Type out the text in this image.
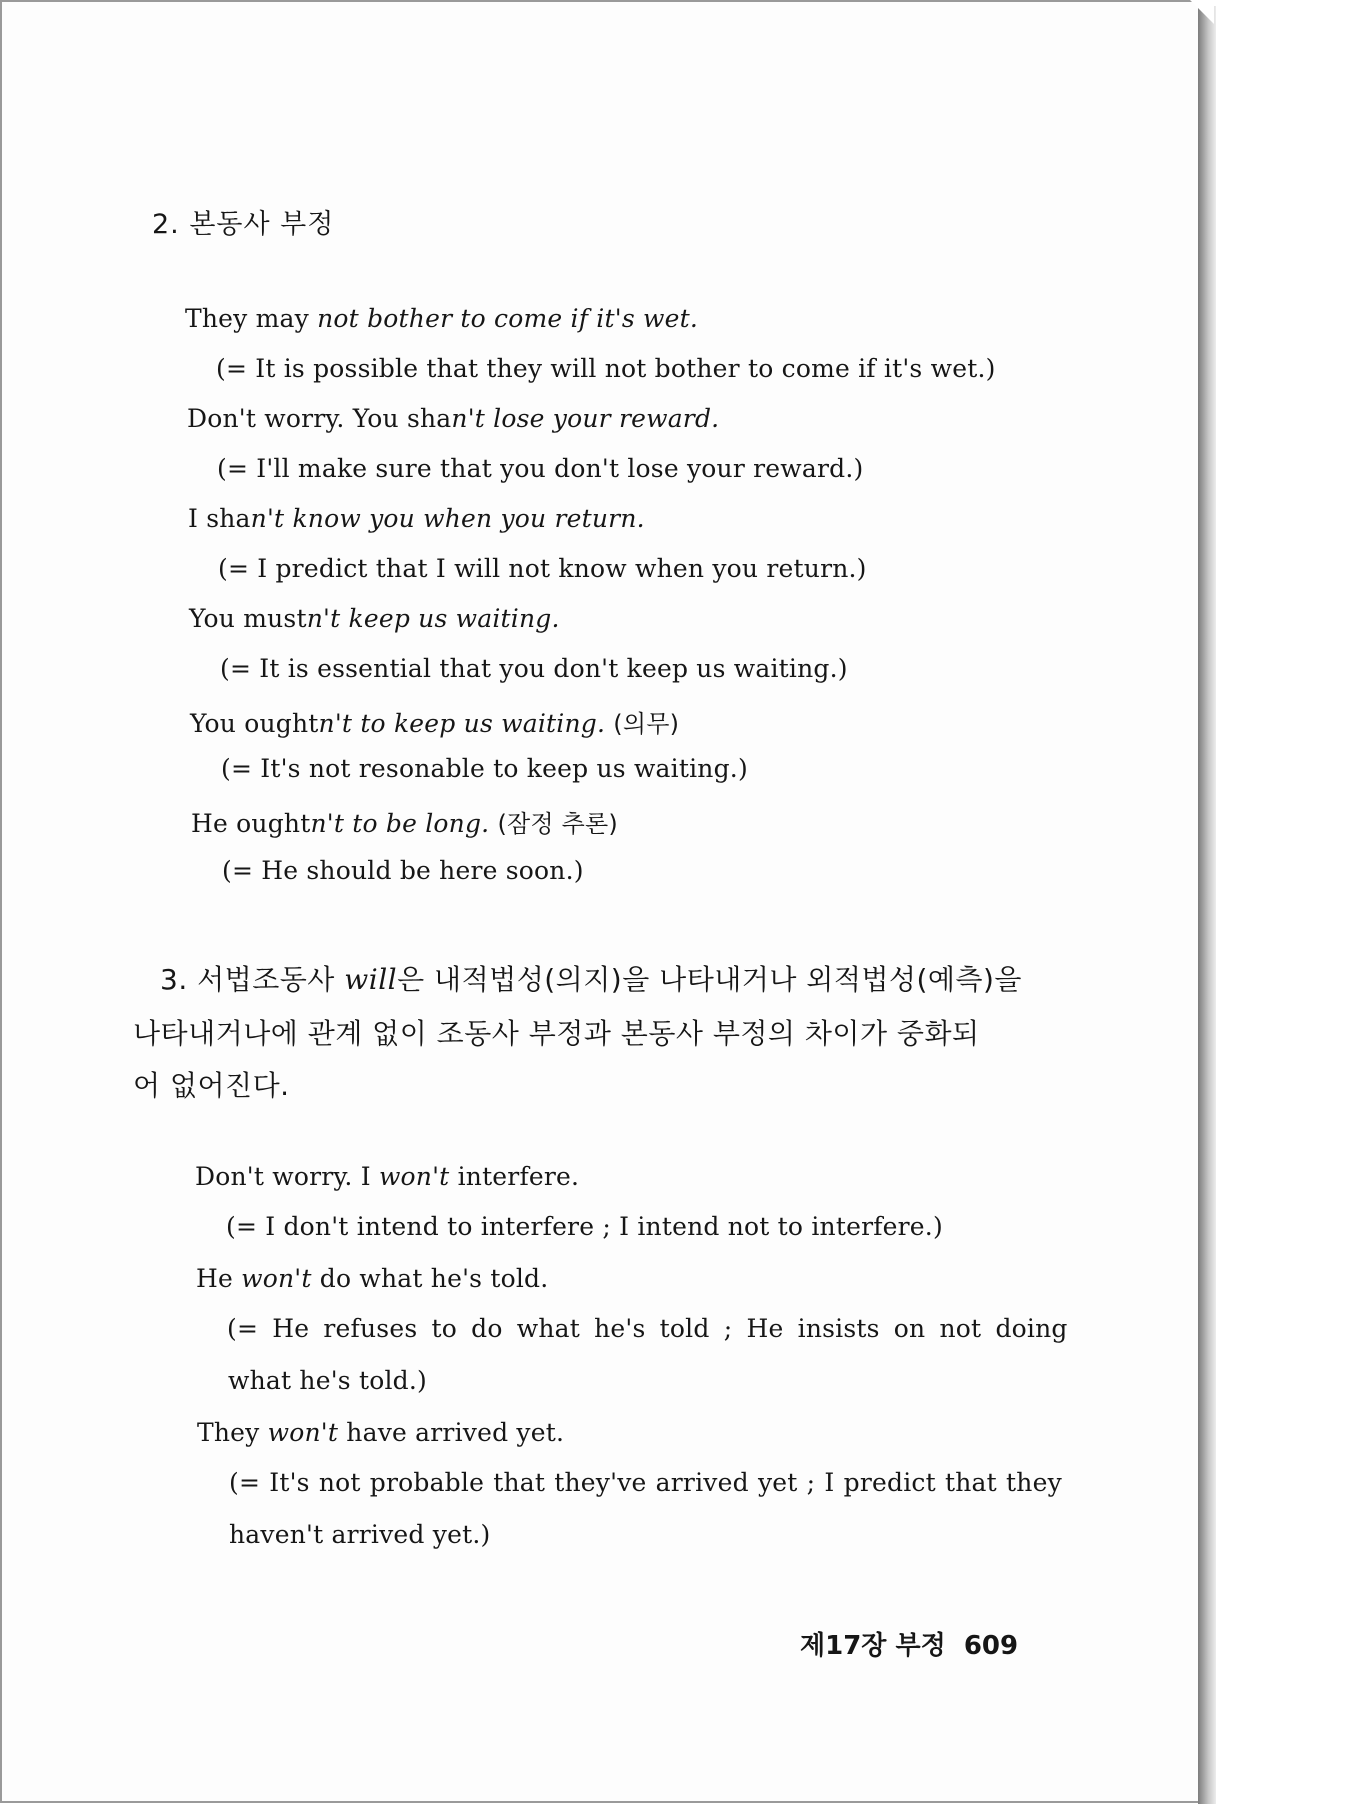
2. 본동사 부정
They may not bother to come if it's wet.
(= It is possible that they will not bother to come if it's wet.)
Don't worry. You shan't lose your reward.
(= I'll make sure that you don't lose your reward.)
I shan't know you when you return.
(= I predict that I will not know when you return.)
You mustn't keep us waiting.
(= It is essential that you don't keep us waiting.)
You oughtn't to keep us waiting. (의무)
(= It's not resonable to keep us waiting.)
He oughtn't to be long. (잠정 추론)
(= He should be here soon.)
3. 서법조동사 will은 내적법성(의지)을 나타내거나 외적법성(예측)을
나타내거나에 관계 없이 조동사 부정과 본동사 부정의 차이가 중화되
어 없어진다.
Don't worry. I won't interfere.
(= I don't intend to interfere ; I intend not to interfere.)
He won't do what he's told.
(= He refuses to do what he's told ; He insists on not doing
what he's told.)
They won't have arrived yet.
(= It's not probable that they've arrived yet ; I predict that they
haven't arrived yet.)
제17장 부정 609
